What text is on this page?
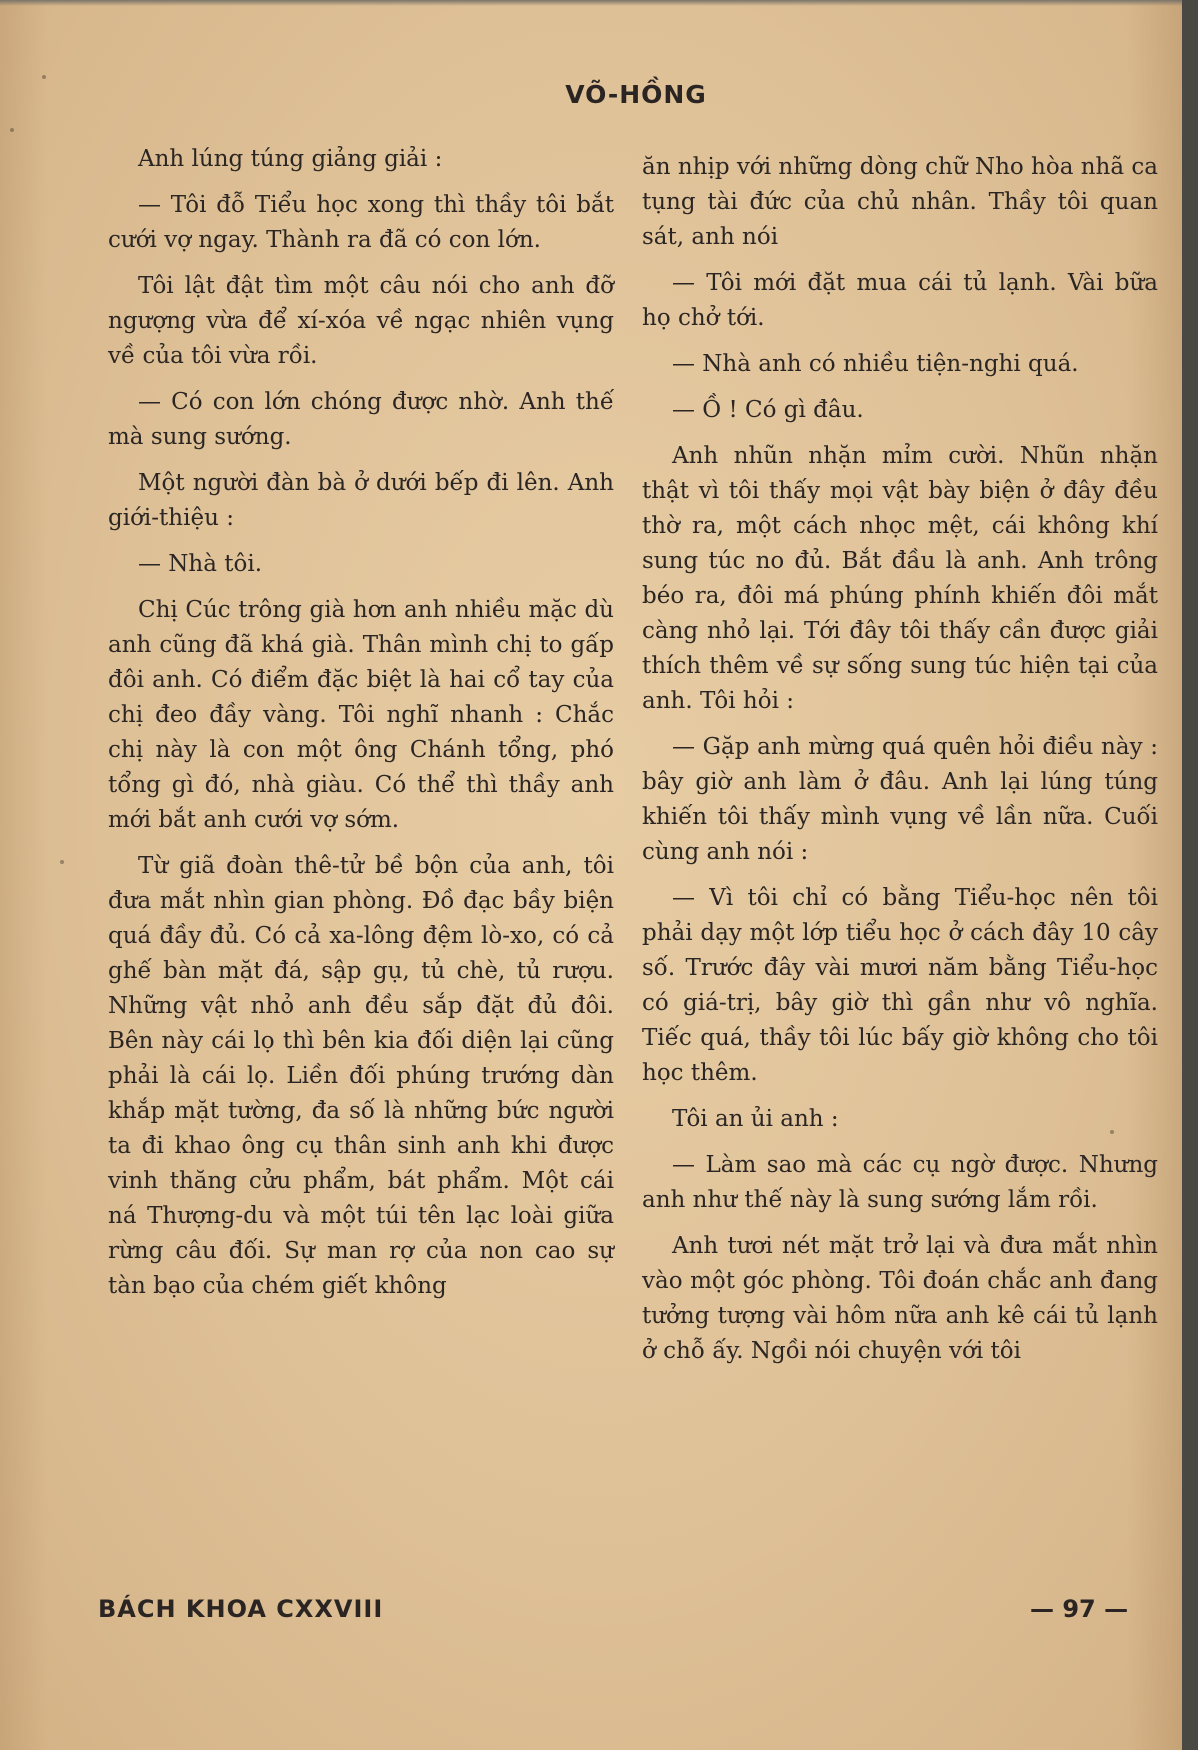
VÕ-HỒNG

Anh lúng túng giảng giải :

— Tôi đỗ Tiểu học xong thì thầy tôi bắt cưới vợ ngay. Thành ra đã có con lớn.

Tôi lật đật tìm một câu nói cho anh đỡ ngượng vừa để xí-xóa về ngạc nhiên vụng về của tôi vừa rồi.

— Có con lớn chóng được nhờ. Anh thế mà sung sướng.

Một người đàn bà ở dưới bếp đi lên. Anh giới-thiệu :

— Nhà tôi.

Chị Cúc trông già hơn anh nhiều mặc dù anh cũng đã khá già. Thân mình chị to gấp đôi anh. Có điểm đặc biệt là hai cổ tay của chị đeo đầy vàng. Tôi nghĩ nhanh : Chắc chị này là con một ông Chánh tổng, phó tổng gì đó, nhà giàu. Có thể thì thầy anh mới bắt anh cưới vợ sớm.

Từ giã đoàn thê-tử bề bộn của anh, tôi đưa mắt nhìn gian phòng. Đồ đạc bầy biện quá đầy đủ. Có cả xa-lông đệm lò-xo, có cả ghế bàn mặt đá, sập gụ, tủ chè, tủ rượu. Những vật nhỏ anh đều sắp đặt đủ đôi. Bên này cái lọ thì bên kia đối diện lại cũng phải là cái lọ. Liền đối phúng trướng dàn khắp mặt tường, đa số là những bức người ta đi khao ông cụ thân sinh anh khi được vinh thăng cửu phẩm, bát phẩm. Một cái ná Thượng-du và một túi tên lạc loài giữa rừng câu đối. Sự man rợ của non cao sự tàn bạo của chém giết không

ăn nhịp với những dòng chữ Nho hòa nhã ca tụng tài đức của chủ nhân. Thầy tôi quan sát, anh nói

— Tôi mới đặt mua cái tủ lạnh. Vài bữa họ chở tới.

— Nhà anh có nhiều tiện-nghi quá.

— Ồ ! Có gì đâu.

Anh nhũn nhặn mỉm cười. Nhũn nhặn thật vì tôi thấy mọi vật bày biện ở đây đều thờ ra, một cách nhọc mệt, cái không khí sung túc no đủ. Bắt đầu là anh. Anh trông béo ra, đôi má phúng phính khiến đôi mắt càng nhỏ lại. Tới đây tôi thấy cần được giải thích thêm về sự sống sung túc hiện tại của anh. Tôi hỏi :

— Gặp anh mừng quá quên hỏi điều này : bây giờ anh làm ở đâu. Anh lại lúng túng khiến tôi thấy mình vụng về lần nữa. Cuối cùng anh nói :

— Vì tôi chỉ có bằng Tiểu-học nên tôi phải dạy một lớp tiểu học ở cách đây 10 cây số. Trước đây vài mươi năm bằng Tiểu-học có giá-trị, bây giờ thì gần như vô nghĩa. Tiếc quá, thầy tôi lúc bấy giờ không cho tôi học thêm.

Tôi an ủi anh :

— Làm sao mà các cụ ngờ được. Nhưng anh như thế này là sung sướng lắm rồi.

Anh tươi nét mặt trở lại và đưa mắt nhìn vào một góc phòng. Tôi đoán chắc anh đang tưởng tượng vài hôm nữa anh kê cái tủ lạnh ở chỗ ấy. Ngồi nói chuyện với tôi

BÁCH KHOA CXXVIII	— 97 —
